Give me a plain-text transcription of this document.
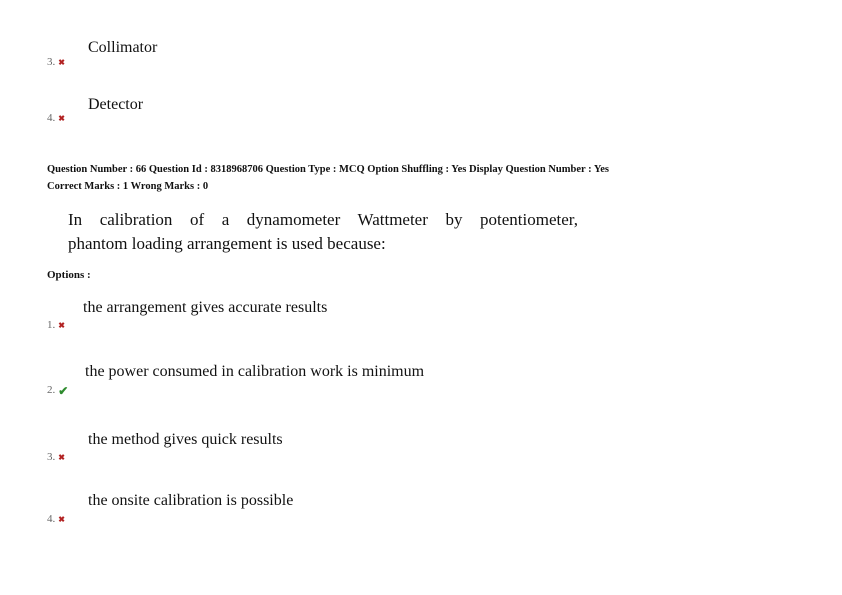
Collimator
3. ✖
Detector
4. ✖
Question Number : 66 Question Id : 8318968706 Question Type : MCQ Option Shuffling : Yes Display Question Number : Yes
Correct Marks : 1 Wrong Marks : 0

In calibration of a dynamometer Wattmeter by potentiometer,

phantom loading arrangement is used because:

Options :
the arrangement gives accurate results
1. ✖
the power consumed in calibration work is minimum
2. ✔
the method gives quick results
3. ✖
the onsite calibration is possible
4. ✖
